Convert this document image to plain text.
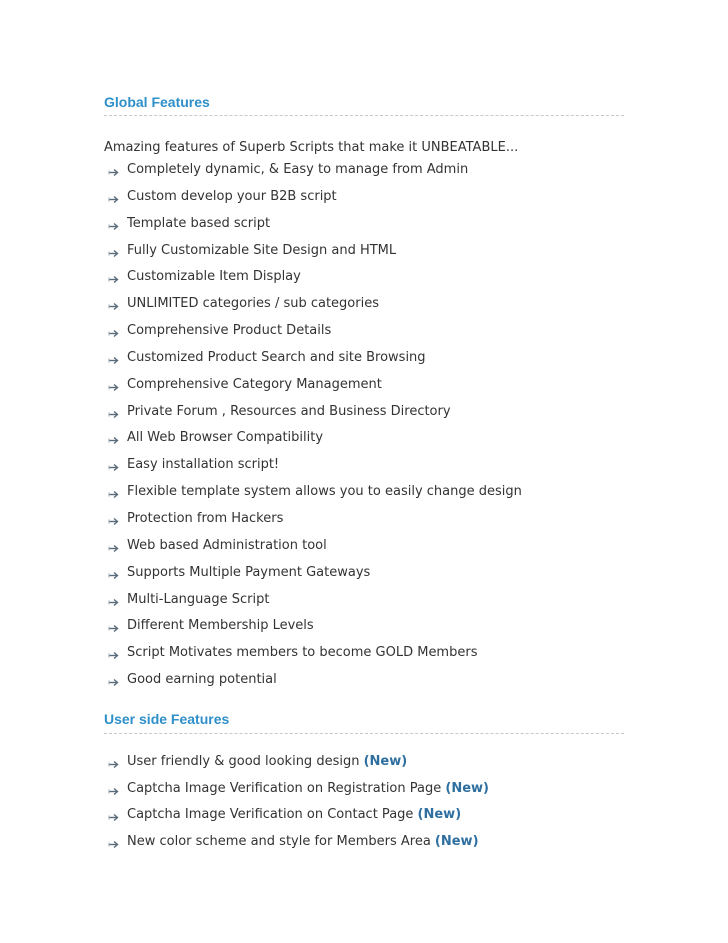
Global Features

Amazing features of Superb Scripts that make it UNBEATABLE...

Completely dynamic, & Easy to manage from Admin
Custom develop your B2B script
Template based script
Fully Customizable Site Design and HTML
Customizable Item Display
UNLIMITED categories / sub categories
Comprehensive Product Details
Customized Product Search and site Browsing
Comprehensive Category Management
Private Forum , Resources and Business Directory
All Web Browser Compatibility
Easy installation script!
Flexible template system allows you to easily change design
Protection from Hackers
Web based Administration tool
Supports Multiple Payment Gateways
Multi-Language Script
Different Membership Levels
Script Motivates members to become GOLD Members
Good earning potential
User side Features
User friendly & good looking design (New)
Captcha Image Verification on Registration Page (New)
Captcha Image Verification on Contact Page (New)
New color scheme and style for Members Area (New)
